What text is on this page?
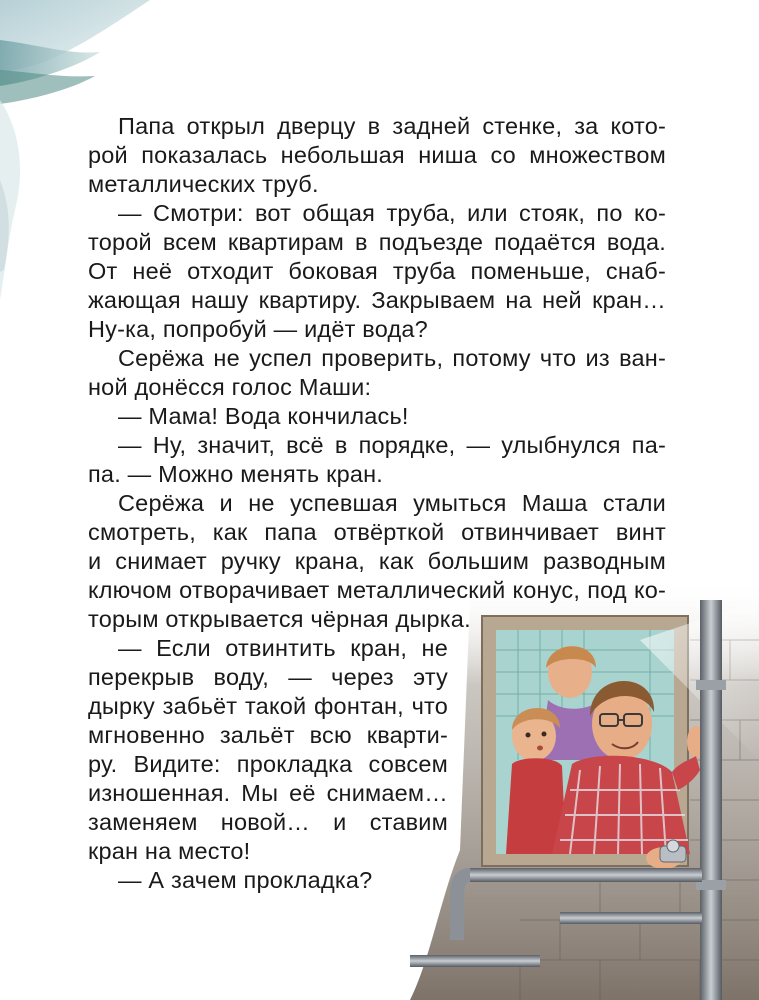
Папа открыл дверцу в задней стенке, за кото-

рой показалась небольшая ниша со множеством

металлических труб.

— Смотри: вот общая труба, или стояк, по ко-

торой всем квартирам в подъезде подаётся вода.

От неё отходит боковая труба поменьше, снаб-

жающая нашу квартиру. Закрываем на ней кран…

Ну-ка, попробуй — идёт вода?

Серёжа не успел проверить, потому что из ван-

ной донёсся голос Маши:

— Мама! Вода кончилась!

— Ну, значит, всё в порядке, — улыбнулся па-

па. — Можно менять кран.

Серёжа и не успевшая умыться Маша стали

смотреть, как папа отвёрткой отвинчивает винт

и снимает ручку крана, как большим разводным

ключом отворачивает металлический конус, под ко-

торым открывается чёрная дырка.

— Если отвинтить кран, не

перекрыв воду, — через эту

дырку забьёт такой фонтан, что

мгновенно зальёт всю кварти-

ру. Видите: прокладка совсем

изношенная. Мы её снимаем…

заменяем новой… и ставим

кран на место!

— А зачем прокладка?
